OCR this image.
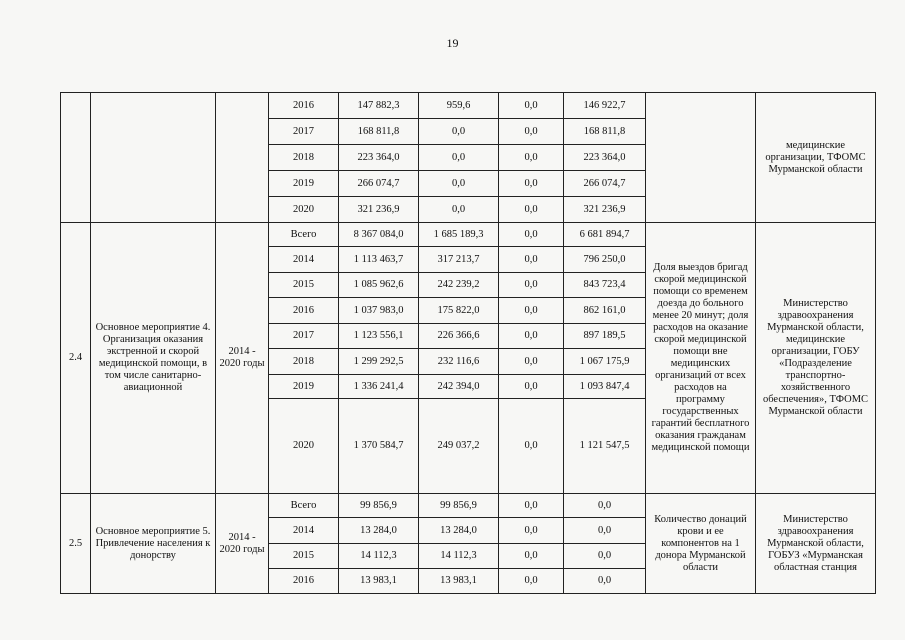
19
			2016	147 882,3	959,6	0,0	146 922,7		медицинские организации, ТФОМС Мурманской области
			2017	168 811,8	0,0	0,0	168 811,8		
			2018	223 364,0	0,0	0,0	223 364,0		
			2019	266 074,7	0,0	0,0	266 074,7		
			2020	321 236,9	0,0	0,0	321 236,9		
2.4	Основное мероприятие 4. Организация оказания экстренной и скорой медицинской помощи, в том числе санитарно-авиационной	2014 - 2020 годы	Всего	8 367 084,0	1 685 189,3	0,0	6 681 894,7	Доля выездов бригад скорой медицинской помощи со временем доезда до больного менее 20 минут; доля расходов на оказание скорой медицинской помощи вне медицинских организаций от всех расходов на программу государственных гарантий бесплатного оказания гражданам медицинской помощи	Министерство здравоохранения Мурманской области, медицинские организации, ГОБУ «Подразделение транспортно-хозяйственного обеспечения», ТФОМС Мурманской области
			2014	1 113 463,7	317 213,7	0,0	796 250,0		
			2015	1 085 962,6	242 239,2	0,0	843 723,4		
			2016	1 037 983,0	175 822,0	0,0	862 161,0		
			2017	1 123 556,1	226 366,6	0,0	897 189,5		
			2018	1 299 292,5	232 116,6	0,0	1 067 175,9		
			2019	1 336 241,4	242 394,0	0,0	1 093 847,4		
			2020	1 370 584,7	249 037,2	0,0	1 121 547,5		
2.5	Основное мероприятие 5. Привлечение населения к донорству	2014 - 2020 годы	Всего	99 856,9	99 856,9	0,0	0,0	Количество донаций крови и ее компонентов на 1 донора Мурманской области	Министерство здравоохранения Мурманской области, ГОБУЗ «Мурманская областная станция
			2014	13 284,0	13 284,0	0,0	0,0		
			2015	14 112,3	14 112,3	0,0	0,0		
			2016	13 983,1	13 983,1	0,0	0,0		
